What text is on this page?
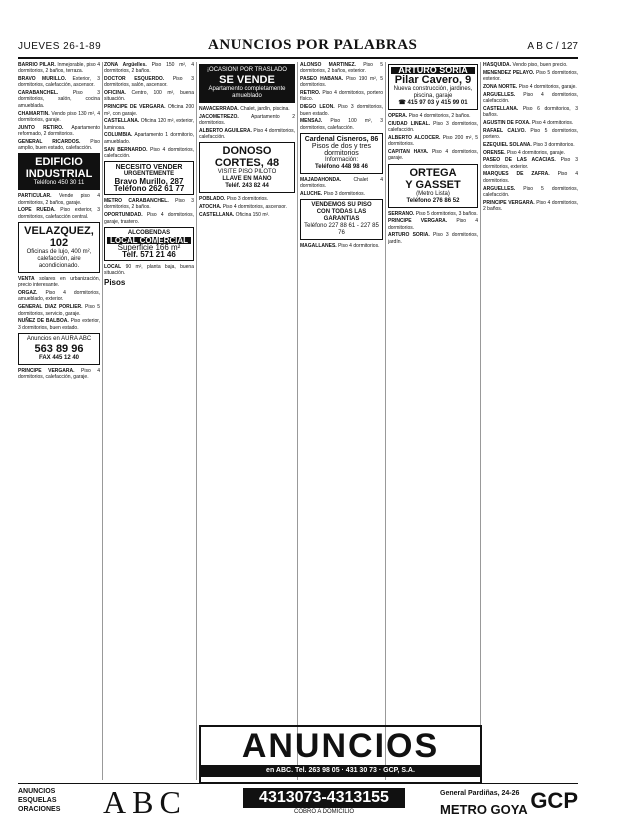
JUEVES 26-1-89	ANUNCIOS POR PALABRAS	A B C / 127

BARRIO PILAR. Inmejorable, piso 4 dormitorios, 2 baños, terraza.

BRAVO MURILLO. Exterior, 3 dormitorios, calefacción, ascensor.

CARABANCHEL.	Piso 3 dormitorios, salón, cocina amueblada.

CHAMARTIN. Vendo piso 130 m², 4 dormitorios, garaje.

JUNTO RETIRO. Apartamento reformado, 2 dormitorios.

GENERAL RICARDOS. Piso amplio, buen estado, calefacción.

EDIFICIO
INDUSTRIAL
Teléfono 450 30 11

PARTICULAR. Vende piso 4 dormitorios, 2 baños, garaje.

LOPE RUEDA. Piso exterior, 3 dormitorios, calefacción central.

VELAZQUEZ, 102
Oficinas de lujo, 400 m², calefacción, aire acondicionado.

VENTA solares en urbanización, precio interesante.

ORGAZ. Piso 4 dormitorios, amueblado, exterior.

GENERAL DIAZ PORLIER. Piso 5 dormitorios, servicio, garaje.

NUÑEZ DE BALBOA. Piso exterior, 3 dormitorios, buen estado.

Anuncios en AURA ABC
563 89 96
FAX 445 12 40

PRINCIPE VERGARA. Piso 4 dormitorios, calefacción, garaje.

ZONA Argüelles. Piso 150 m², 4 dormitorios, 2 baños.

DOCTOR ESQUERDO. Piso 3 dormitorios, salón, ascensor.

OFICINA. Centro, 100 m², buena situación.

PRINCIPE DE VERGARA. Oficina 200 m², con garaje.

CASTELLANA. Oficina 120 m², exterior, luminosa.

COLUMBIA. Apartamento 1 dormitorio, amueblado.

SAN BERNARDO. Piso 4 dormitorios, calefacción.

NECESITO VENDER
URGENTEMENTE
Bravo Murillo, 287
Teléfono 262 61 77

METRO CARABANCHEL. Piso 3 dormitorios, 2 baños.

OPORTUNIDAD. Piso 4 dormitorios, garaje, trastero.

ALCOBENDAS
LOCAL COMERCIAL
Superficie 166 m²
Telf. 571 21 46

LOCAL 90 m², planta baja, buena situación.

Pisos
¡OCASION! POR TRASLADO
SE VENDE
Apartamento completamente amueblado

NAVACERRADA. Chalet, jardín, piscina.

JACOMETREZO. Apartamento 2 dormitorios.

ALBERTO AGUILERA. Piso 4 dormitorios, calefacción.

DONOSO
CORTES, 48
VISITE PISO PILOTO
LLAVE EN MANO
Teléf. 243 82 44

POBLADO. Piso 3 dormitorios.

ATOCHA. Piso 4 dormitorios, ascensor.

CASTELLANA. Oficina 150 m².

ALONSO MARTINEZ. Piso 5 dormitorios, 2 baños, exterior.

PASEO HABANA. Piso 190 m², 5 dormitorios.

RETIRO. Piso 4 dormitorios, portero físico.

DIEGO LEON. Piso 3 dormitorios, buen estado.

MENSAJ. Piso 100 m², 3 dormitorios, calefacción.

Cardenal Cisneros, 86
Pisos de dos y tres dormitorios
Información:
Teléfono 448 98 46

MAJADAHONDA. Chalet 4 dormitorios.

ALUCHE. Piso 3 dormitorios.

VENDEMOS SU PISO
CON TODAS LAS GARANTIAS
Teléfono 227 88 61 - 227 85 76

MAGALLANES. Piso 4 dormitorios.

ARTURO SORIA
Pilar Cavero, 9
Nueva construcción, jardines, piscina, garaje
☎ 415 97 03 y 415 99 01

OPERA. Piso 4 dormitorios, 2 baños.

CIUDAD LINEAL. Piso 3 dormitorios, calefacción.

ALBERTO ALCOCER. Piso 200 m², 5 dormitorios.

CAPITAN HAYA. Piso 4 dormitorios, garaje.

ORTEGA
Y GASSET
(Metro Lista)
Teléfono 276 86 52

SERRANO. Piso 5 dormitorios, 3 baños.

PRINCIPE VERGARA. Piso 4 dormitorios.

ARTURO SORIA. Piso 3 dormitorios, jardín.

HASQUIDA. Vendo piso, buen precio.

MENENDEZ PELAYO. Piso 5 dormitorios, exterior.

ZONA NORTE. Piso 4 dormitorios, garaje.

ARGUELLES. Piso 4 dormitorios, calefacción.

CASTELLANA. Piso 6 dormitorios, 3 baños.

AGUSTIN DE FOXA. Piso 4 dormitorios.

RAFAEL CALVO. Piso 5 dormitorios, portero.

EZEQUIEL SOLANA. Piso 3 dormitorios.

ORENSE. Piso 4 dormitorios, garaje.

PASEO DE LAS ACACIAS. Piso 3 dormitorios, exterior.

MARQUES DE ZAFRA. Piso 4 dormitorios.

ARGUELLES. Piso 5 dormitorios, calefacción.

PRINCIPE VERGARA. Piso 4 dormitorios, 2 baños.

ANUNCIOS
en ABC. Tel. 263 98 05 · 431 30 73 · GCP, S.A.
ANUNCIOS
ESQUELAS
ORACIONES ABC	4313073-4313155
COBRO A DOMICILIO
General Pardiñas, 24-26
METRO GOYA GCP
